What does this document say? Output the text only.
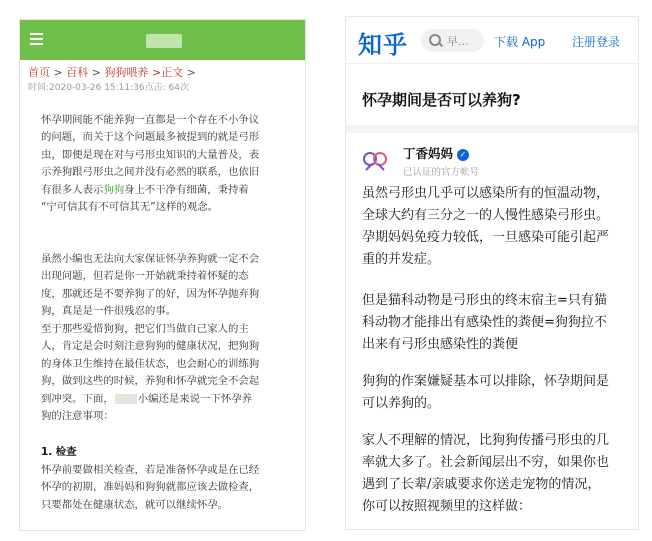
首页 > 百科 > 狗狗喂养 >正文 >
时间:2020-03-26 15:11:36点击: 64次
怀孕期间能不能养狗一直都是一个存在不小争议
的问题，而关于这个问题最多被提到的就是弓形
虫，即便是现在对与弓形虫知识的大量普及，表
示养狗跟弓形虫之间并没有必然的联系，也依旧
有很多人表示狗狗身上不干净有细菌，秉持着
“宁可信其有不可信其无”这样的观念。
虽然小编也无法向大家保证怀孕养狗就一定不会
出现问题，但若是你一开始就秉持着怀疑的态
度，那就还是不要养狗了的好，因为怀孕抛弃狗
狗，真是是一件很残忍的事。
至于那些爱惜狗狗，把它们当做自己家人的主
人，肯定是会时刻注意狗狗的健康状况，把狗狗
的身体卫生维持在最佳状态，也会耐心的训练狗
狗，做到这些的时候，养狗和怀孕就完全不会起
到冲突。下面， 小编还是来说一下怀孕养
狗的注意事项：
1. 检查
怀孕前要做相关检查，若是准备怀孕或是在已经
怀孕的初期，准妈妈和狗狗就都应该去做检查，
只要都处在健康状态，就可以继续怀孕。
知乎	早... 下载 App 注册登录
怀孕期间是否可以养狗?
丁香妈妈 ✓
已认证的官方帐号
虽然弓形虫几乎可以感染所有的恒温动物，
全球大约有三分之一的人慢性感染弓形虫。
孕期妈妈免疫力较低，一旦感染可能引起严
重的并发症。
但是猫科动物是弓形虫的终末宿主=只有猫
科动物才能排出有感染性的粪便=狗狗拉不
出来有弓形虫感染性的粪便
狗狗的作案嫌疑基本可以排除，怀孕期间是
可以养狗的。
家人不理解的情况，比狗狗传播弓形虫的几
率就大多了。社会新闻层出不穷，如果你也
遇到了长辈/亲戚要求你送走宠物的情况，
你可以按照视频里的这样做：
